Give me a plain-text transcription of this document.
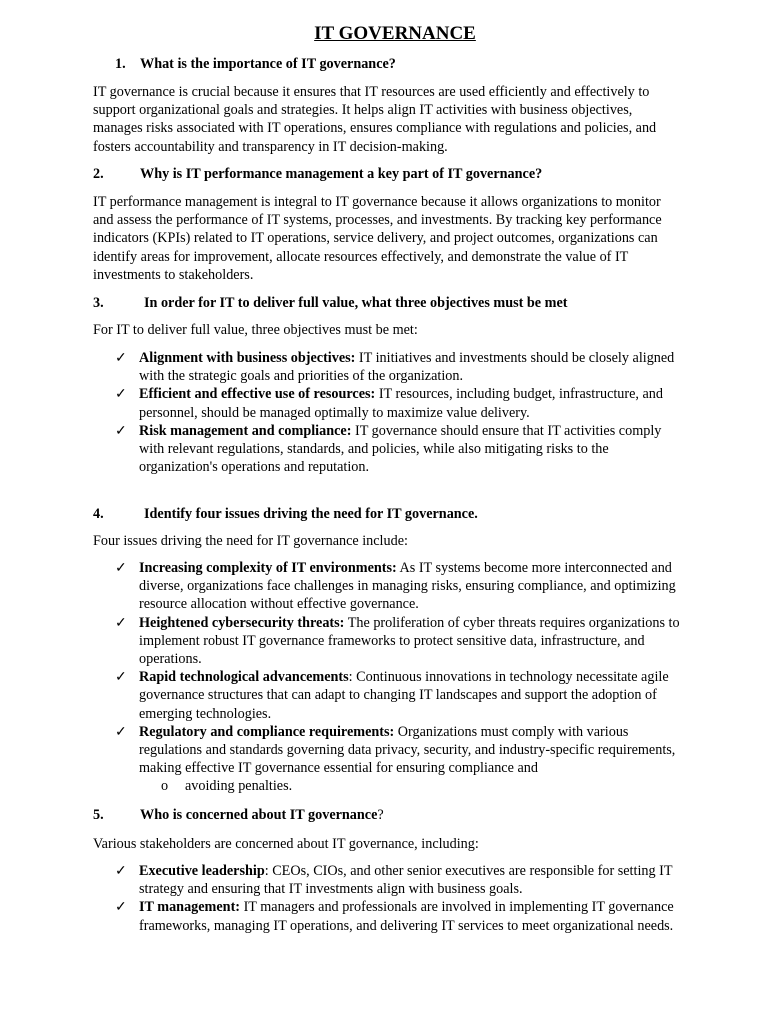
IT GOVERNANCE
1. What is the importance of IT governance?

IT governance is crucial because it ensures that IT resources are used efficiently and effectively to support organizational goals and strategies. It helps align IT activities with business objectives, manages risks associated with IT operations, ensures compliance with regulations and policies, and fosters accountability and transparency in IT decision-making.

2.	Why is IT performance management a key part of IT governance?

IT performance management is integral to IT governance because it allows organizations to monitor and assess the performance of IT systems, processes, and investments. By tracking key performance indicators (KPIs) related to IT operations, service delivery, and project outcomes, organizations can identify areas for improvement, allocate resources effectively, and demonstrate the value of IT investments to stakeholders.

3.	In order for IT to deliver full value, what three objectives must be met

For IT to deliver full value, three objectives must be met:

✓ Alignment with business objectives: IT initiatives and investments should be closely aligned with the strategic goals and priorities of the organization.
✓ Efficient and effective use of resources: IT resources, including budget, infrastructure, and personnel, should be managed optimally to maximize value delivery.
✓ Risk management and compliance: IT governance should ensure that IT activities comply with relevant regulations, standards, and policies, while also mitigating risks to the organization's operations and reputation.
4.	Identify four issues driving the need for IT governance.

Four issues driving the need for IT governance include:

✓ Increasing complexity of IT environments: As IT systems become more interconnected and diverse, organizations face challenges in managing risks, ensuring compliance, and optimizing resource allocation without effective governance.
✓ Heightened cybersecurity threats: The proliferation of cyber threats requires organizations to implement robust IT governance frameworks to protect sensitive data, infrastructure, and operations.
✓ Rapid technological advancements: Continuous innovations in technology necessitate agile governance structures that can adapt to changing IT landscapes and support the adoption of emerging technologies.
✓ Regulatory and compliance requirements: Organizations must comply with various regulations and standards governing data privacy, security, and industry-specific requirements, making effective IT governance essential for ensuring compliance and
o avoiding penalties.
5.	Who is concerned about IT governance?

Various stakeholders are concerned about IT governance, including:

✓ Executive leadership: CEOs, CIOs, and other senior executives are responsible for setting IT strategy and ensuring that IT investments align with business goals.
✓ IT management: IT managers and professionals are involved in implementing IT governance frameworks, managing IT operations, and delivering IT services to meet organizational needs.
